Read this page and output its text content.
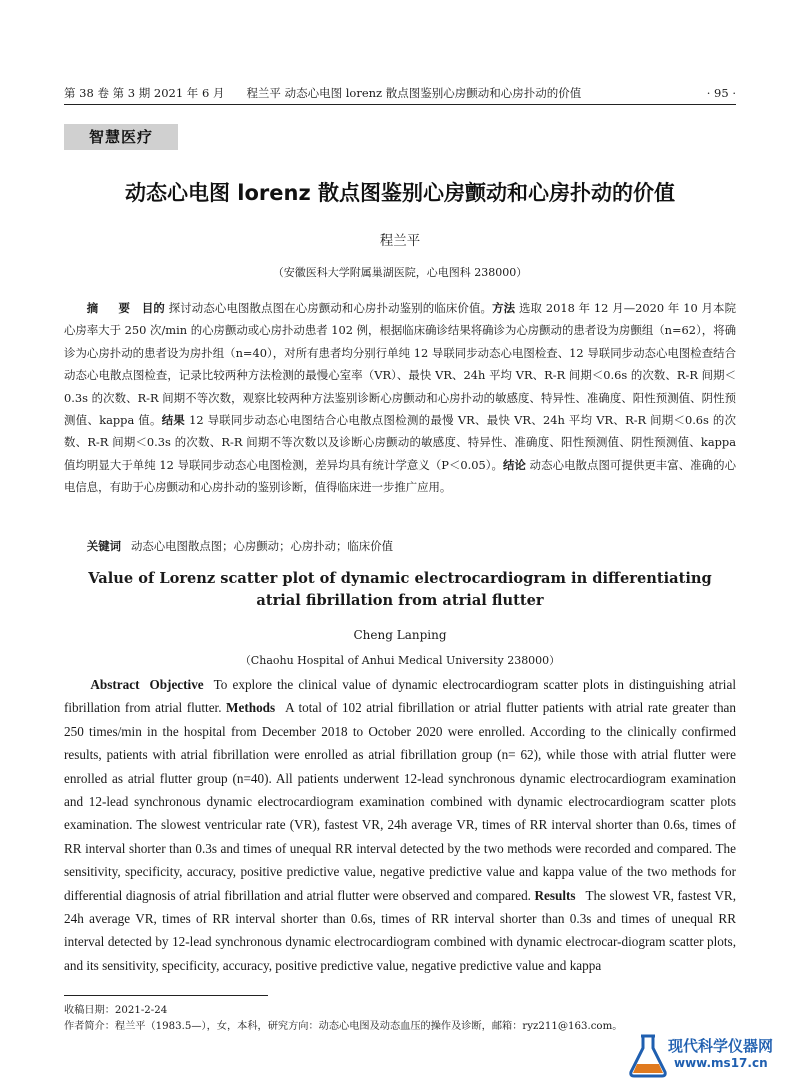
第 38 卷 第 3 期 2021 年 6 月 程兰平 动态心电图 lorenz 散点图鉴别心房颤动和心房扑动的价值	· 95 ·
智慧医疗
动态心电图 lorenz 散点图鉴别心房颤动和心房扑动的价值
程兰平
（安徽医科大学附属巢湖医院，心电图科 238000）

摘 要 目的 探讨动态心电图散点图在心房颤动和心房扑动鉴别的临床价值。方法 选取 2018 年 12 月—2020 年 10 月本院心房率大于 250 次/min 的心房颤动或心房扑动患者 102 例，根据临床确诊结果将确诊为心房颤动的患者设为房颤组（n=62），将确诊为心房扑动的患者设为房扑组（n=40），对所有患者均分别行单纯 12 导联同步动态心电图检查、12 导联同步动态心电图检查结合动态心电散点图检查，记录比较两种方法检测的最慢心室率（VR）、最快 VR、24h 平均 VR、R-R 间期＜0.6s 的次数、R-R 间期＜0.3s 的次数、R-R 间期不等次数，观察比较两种方法鉴别诊断心房颤动和心房扑动的敏感度、特异性、准确度、阳性预测值、阴性预测值、kappa 值。结果 12 导联同步动态心电图结合心电散点图检测的最慢 VR、最快 VR、24h 平均 VR、R-R 间期＜0.6s 的次数、R-R 间期＜0.3s 的次数、R-R 间期不等次数以及诊断心房颤动的敏感度、特异性、准确度、阳性预测值、阴性预测值、kappa 值均明显大于单纯 12 导联同步动态心电图检测，差异均具有统计学意义（P＜0.05）。结论 动态心电散点图可提供更丰富、准确的心电信息，有助于心房颤动和心房扑动的鉴别诊断，值得临床进一步推广应用。

关键词 动态心电图散点图；心房颤动；心房扑动；临床价值

Value of Lorenz scatter plot of dynamic electrocardiogram in differentiating atrial fibrillation from atrial flutter

Cheng Lanping
（Chaohu Hospital of Anhui Medical University 238000）

Abstract Objective To explore the clinical value of dynamic electrocardiogram scatter plots in distinguishing atrial fibrillation from atrial flutter. Methods A total of 102 atrial fibrillation or atrial flutter patients with atrial rate greater than 250 times/min in the hospital from December 2018 to October 2020 were enrolled. According to the clinically confirmed results, patients with atrial fibrillation were enrolled as atrial fibrillation group (n= 62), while those with atrial flutter were enrolled as atrial flutter group (n=40). All patients underwent 12-lead synchronous dynamic electrocardiogram examination and 12-lead synchronous dynamic electrocardiogram examination combined with dynamic electrocardiogram scatter plots examination. The slowest ventricular rate (VR), fastest VR, 24h average VR, times of RR interval shorter than 0.6s, times of RR interval shorter than 0.3s and times of unequal RR interval detected by the two methods were recorded and compared. The sensitivity, specificity, accuracy, positive predictive value, negative predictive value and kappa value of the two methods for differential diagnosis of atrial fibrillation and atrial flutter were observed and compared. Results The slowest VR, fastest VR, 24h average VR, times of RR interval shorter than 0.6s, times of RR interval shorter than 0.3s and times of unequal RR interval detected by 12-lead synchronous dynamic electrocardiogram combined with dynamic electrocar-diogram scatter plots, and its sensitivity, specificity, accuracy, positive predictive value, negative predictive value and kappa

收稿日期：2021-2-24

作者简介：程兰平（1983.5—），女，本科，研究方向：动态心电图及动态血压的操作及诊断，邮箱：ryz211@163.com。

现代科学仪器网
www.ms17.cn
